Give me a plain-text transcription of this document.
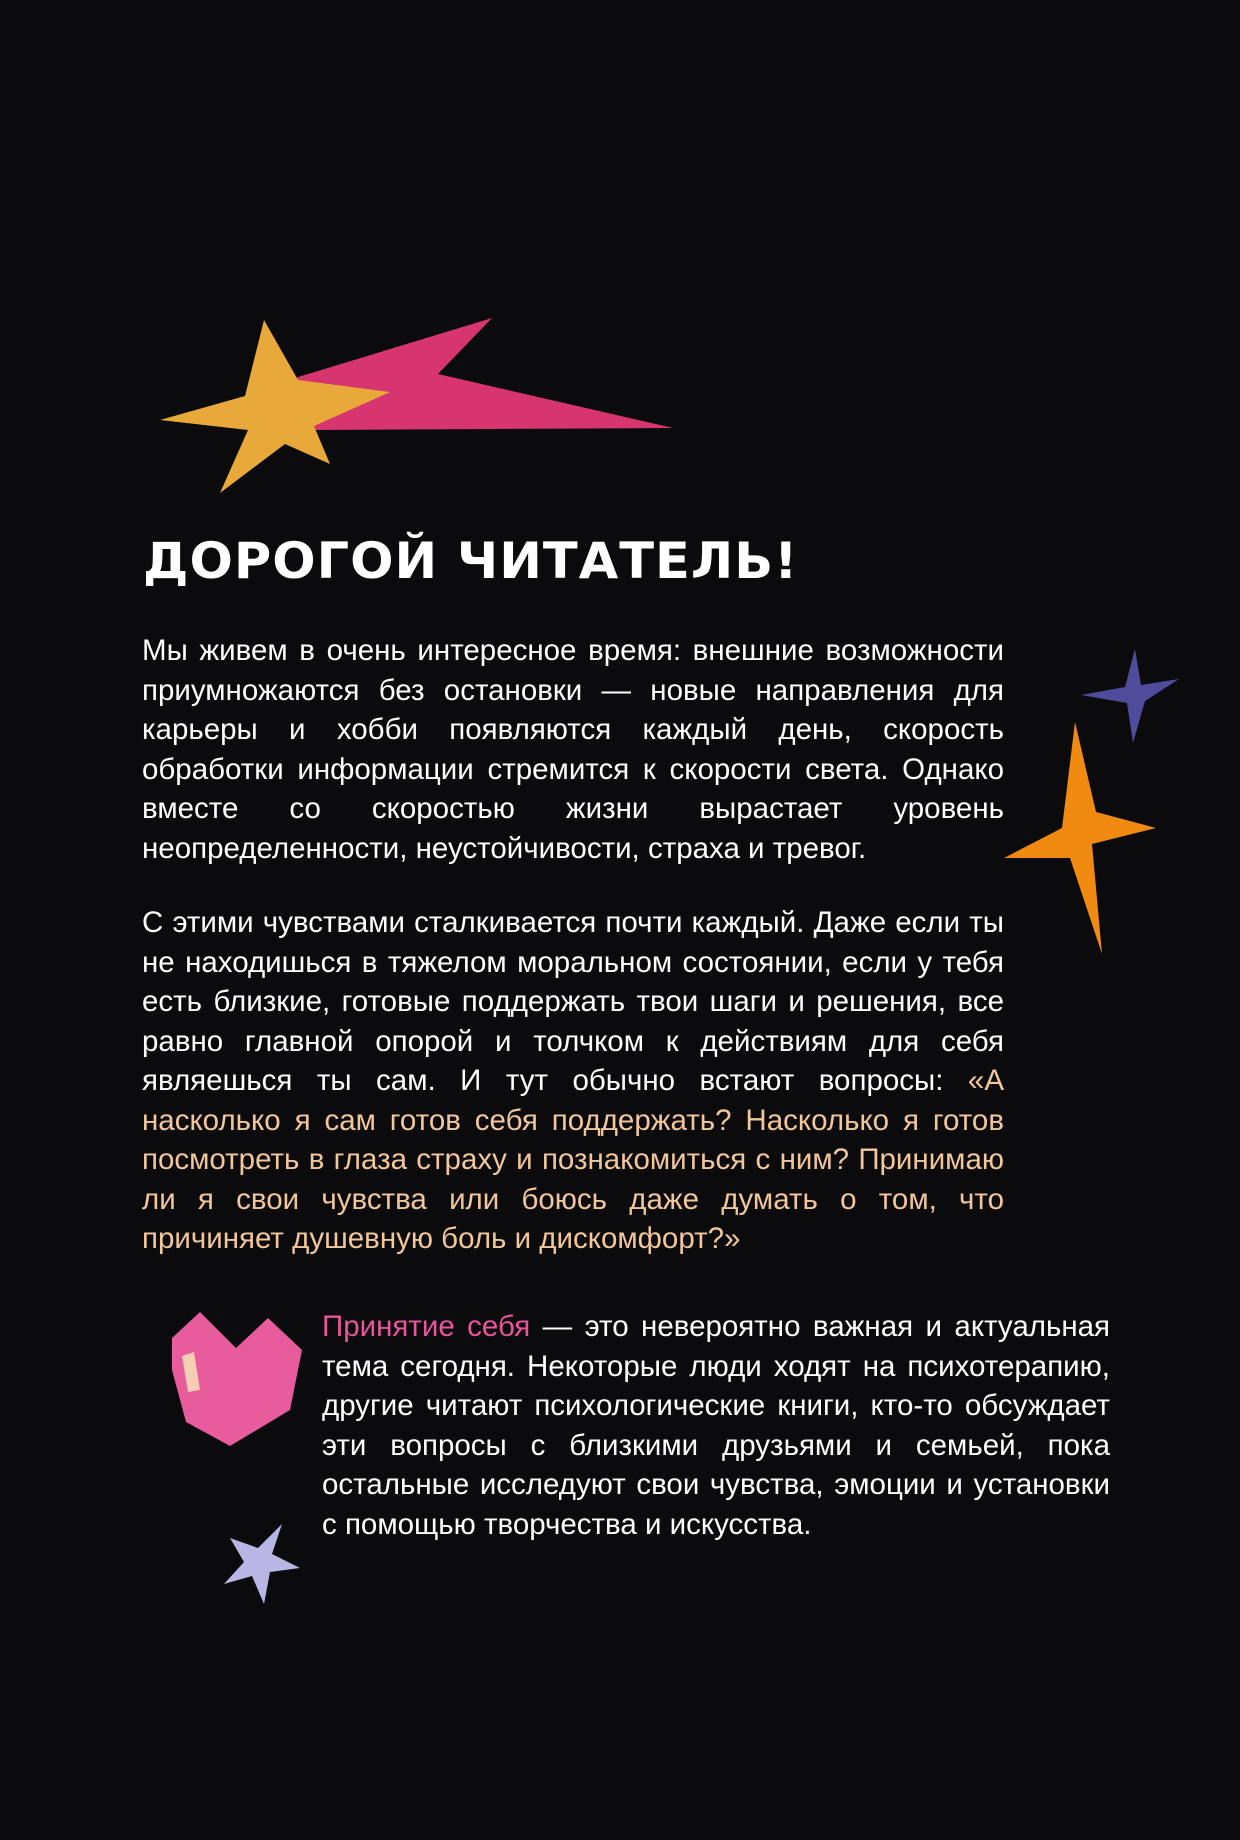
ДОРОГОЙ ЧИТАТЕЛЬ!

Мы живем в очень интересное время: внешние возможности приумножаются без остановки — новые направления для карьеры и хобби появляются каждый день, скорость обработки информации стремится к скорости света. Однако вместе со скоростью жизни вырастает уровень неопределенности, неустойчивости, страха и тревог.

С этими чувствами сталкивается почти каждый. Даже если ты не находишься в тяжелом моральном состоянии, если у тебя есть близкие, готовые поддержать твои шаги и решения, все равно главной опорой и толчком к действиям для себя являешься ты сам. И тут обычно встают вопросы: «А насколько я сам готов себя поддержать? Насколько я готов посмотреть в глаза страху и познакомиться с ним? Принимаю ли я свои чувства или боюсь даже думать о том, что причиняет душевную боль и дискомфорт?»

Принятие себя — это невероятно важная и актуальная тема сегодня. Некоторые люди ходят на психотерапию, другие читают психологические книги, кто-то обсуждает эти вопросы с близкими друзьями и семьей, пока остальные исследуют свои чувства, эмоции и установки с помощью творчества и искусства.
